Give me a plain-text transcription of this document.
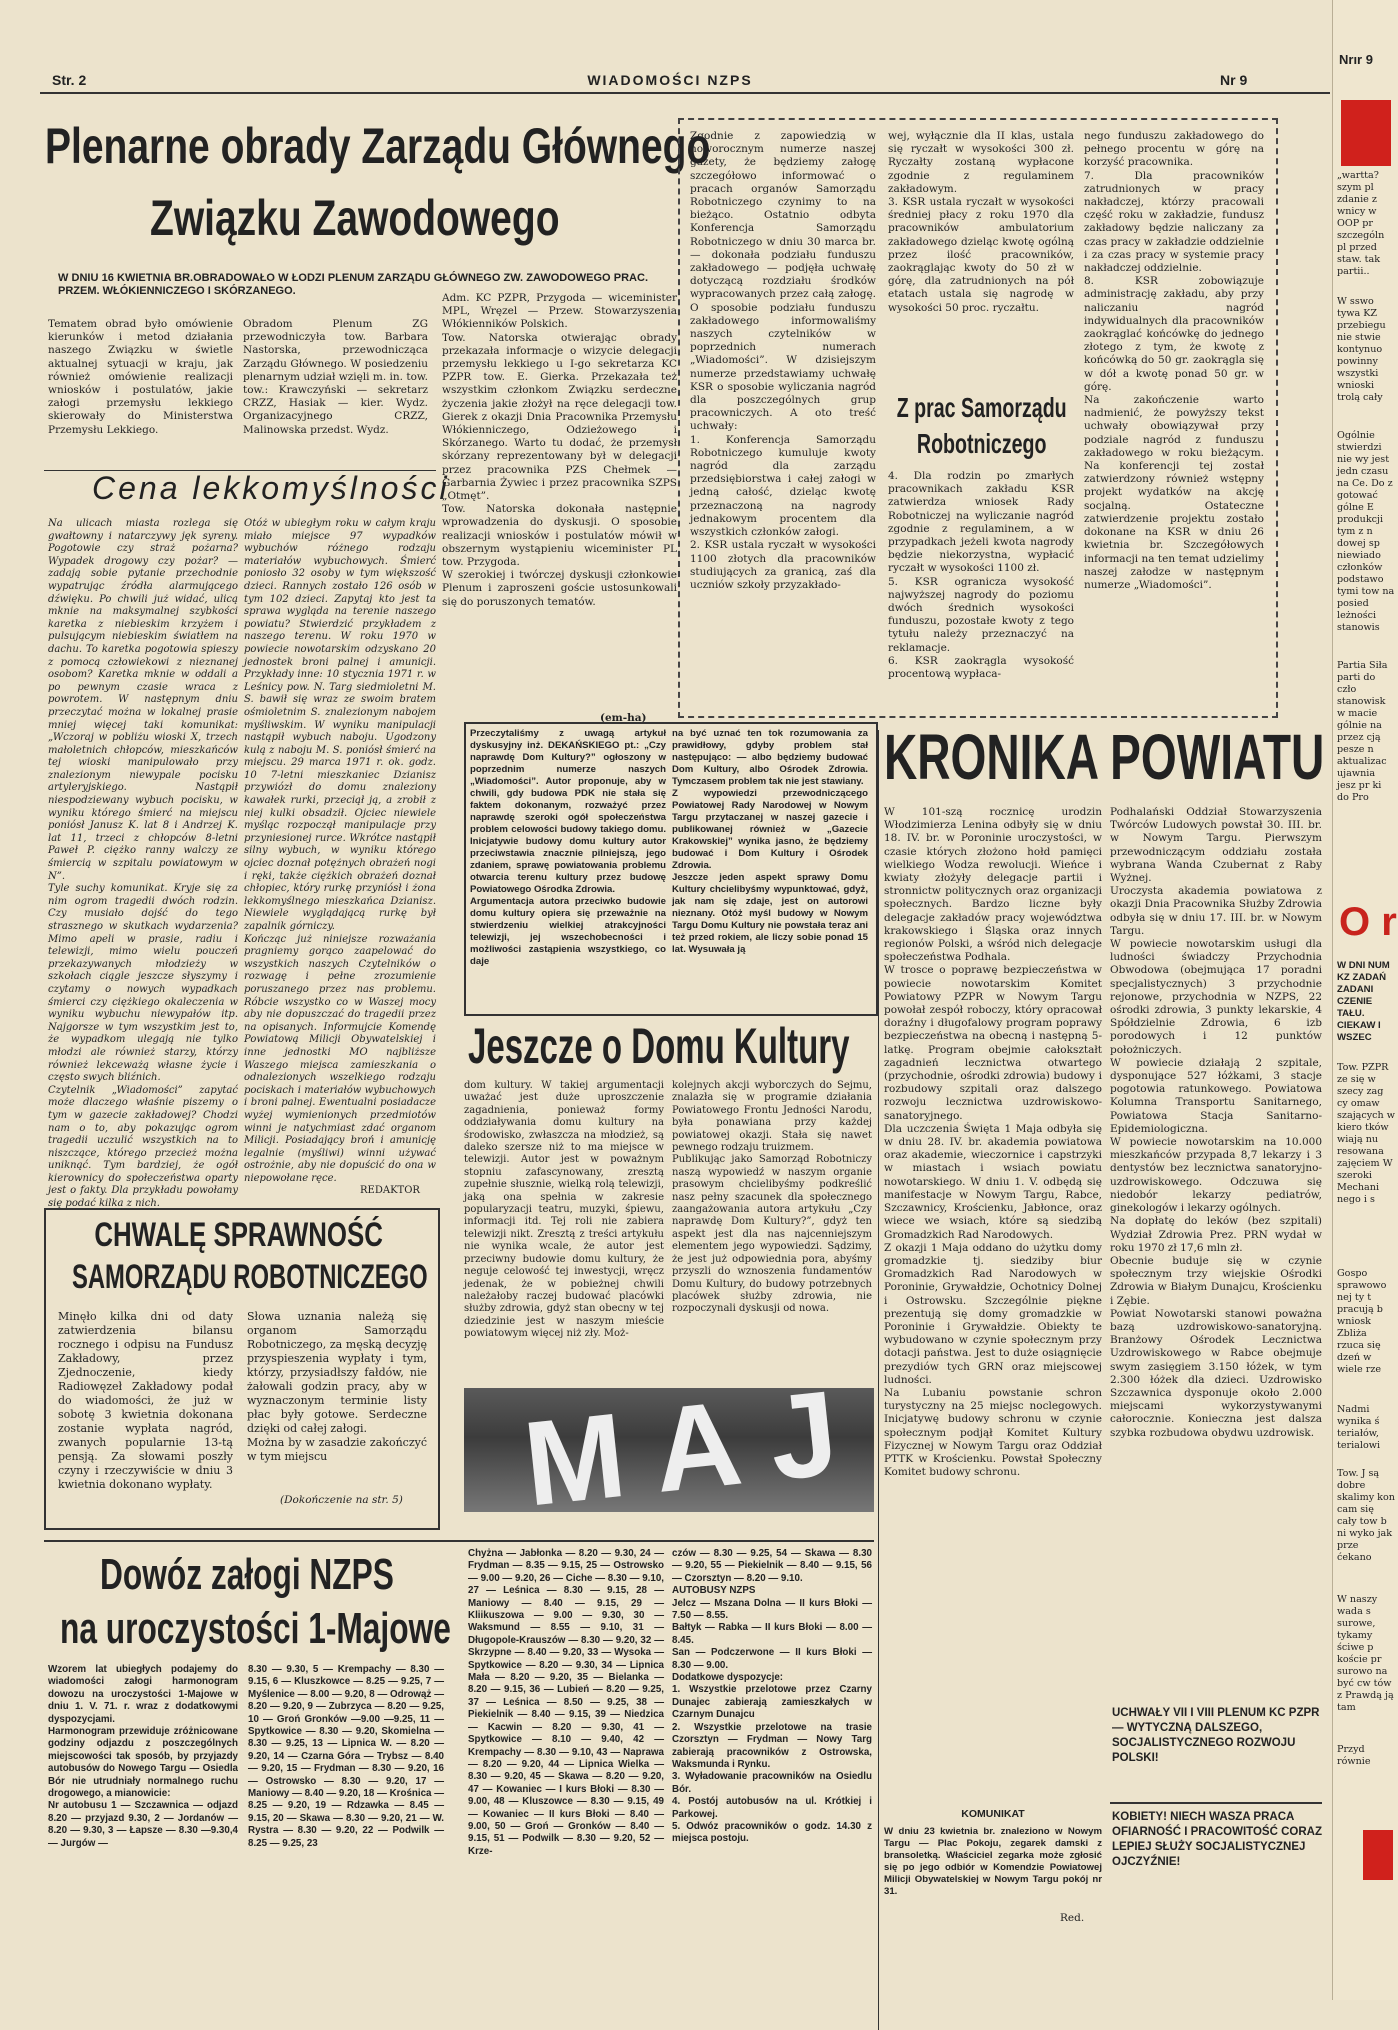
Str. 2	WIADOMOŚCI NZPS	Nr 9
Plenarne obrady Zarządu Głównego
Związku Zawodowego
W DNIU 16 KWIETNIA BR.OBRADOWAŁO W ŁODZI PLENUM ZARZĄDU GŁÓWNEGO ZW. ZAWODOWEGO PRAC. PRZEM. WŁÓKIENNICZEGO I SKÓRZANEGO.
Tematem obrad było omówienie kierunków i metod działania naszego Związku w świetle aktualnej sytuacji w kraju, jak również omówienie realizacji wniosków i postulatów, jakie załogi przemysłu lekkiego skierowały do Ministerstwa Przemysłu Lekkiego.
Obradom Plenum ZG przewodniczyła tow. Barbara Nastorska, przewodnicząca Zarządu Głównego. W posiedzeniu plenarnym udział wzięli m. in. tow. tow.: Krawczyński — sekretarz CRZZ, Hasiak — kier. Wydz. Organizacyjnego CRZZ, Malinowska przedst. Wydz.
Adm. KC PZPR, Przygoda — wiceminister MPL, Wręzel — Przew. Stowarzyszenia Włókienników Polskich.
Tow. Natorska otwierając obrady przekazała informacje o wizycie delegacji przemysłu lekkiego u I-go sekretarza KC PZPR tow. E. Gierka. Przekazała też wszystkim członkom Związku serdeczne życzenia jakie złożył na ręce delegacji tow. Gierek z okazji Dnia Pracownika Przemysłu Włókienniczego, Odzieżowego i Skórzanego. Warto tu dodać, że przemysł skórzany reprezentowany był w delegacji przez pracownika PZS Chełmek — Garbarnia Żywiec i przez pracownika SZPS „Otmęt”.
Tow. Natorska dokonała następnie wprowadzenia do dyskusji. O sposobie realizacji wniosków i postulatów mówił w obszernym wystąpieniu wiceminister PL tow. Przygoda.
W szerokiej i twórczej dyskusji członkowie Plenum i zaproszeni goście ustosunkowali się do poruszonych tematów.
(em-ha)
Cena lekkomyślności
Na ulicach miasta rozlega się gwałtowny i natarczywy jęk syreny. Pogotowie czy straż pożarna? Wypadek drogowy czy pożar? — zadają sobie pytanie przechodnie wypatrując źródła alarmującego dźwięku. Po chwili już widać, ulicą mknie na maksymalnej szybkości karetka z niebieskim krzyżem i pulsującym niebieskim światłem na dachu. To karetka pogotowia spieszy z pomocą człowiekowi z nieznanej osobom? Karetka mknie w oddali a po pewnym czasie wraca z powrotem. W następnym dniu przeczytać można w lokalnej prasie mniej więcej taki komunikat: „Wczoraj w pobliżu wioski X, trzech małoletnich chłopców, mieszkańców tej wioski manipulowało przy znalezionym niewypale pocisku artyleryjskiego. Nastąpił niespodziewany wybuch pocisku, w wyniku którego śmierć na miejscu poniósł Janusz K. lat 8 i Andrzej K. lat 11, trzeci z chłopców 8-letni Paweł P. ciężko ranny walczy ze śmiercią w szpitalu powiatowym w N”.
Tyle suchy komunikat. Kryje się za nim ogrom tragedii dwóch rodzin. Czy musiało dojść do tego strasznego w skutkach wydarzenia? Mimo apeli w prasie, radiu i telewizji, mimo wielu pouczeń przekazywanych młodzieży w szkołach ciągle jeszcze słyszymy i czytamy o nowych wypadkach śmierci czy ciężkiego okaleczenia w wyniku wybuchu niewypałów itp. Najgorsze w tym wszystkim jest to, że wypadkom ulegają nie tylko młodzi ale również starzy, którzy również lekceważą własne życie i często swych bliźnich.
Czytelnik „Wiadomości” zapytać może dlaczego właśnie piszemy o tym w gazecie zakładowej? Chodzi nam o to, aby pokazując ogrom tragedii uczulić wszystkich na to niszczące, którego przecież można uniknąć. Tym bardziej, że ogół kierownicy do społeczeństwa oparty jest o fakty. Dla przykładu powołamy się podać kilka z nich.
Otóż w ubiegłym roku w całym kraju miało miejsce 97 wypadków wybuchów różnego rodzaju materiałów wybuchowych. Śmierć poniosło 32 osoby w tym większość dzieci. Rannych zostało 126 osób w tym 102 dzieci. Zapytaj kto jest ta sprawa wygląda na terenie naszego powiatu? Stwierdzić przykładem z naszego terenu. W roku 1970 w powiecie nowotarskim odzyskano 20 jednostek broni palnej i amunicji. Przykłady inne: 10 stycznia 1971 r. w Leśnicy pow. N. Targ siedmioletni M. S. bawił się wraz ze swoim bratem ośmioletnim S. znalezionym nabojem myśliwskim. W wyniku manipulacji nastąpił wybuch naboju. Ugodzony kulą z naboju M. S. poniósł śmierć na miejscu. 29 marca 1971 r. ok. godz. 10 7-letni mieszkaniec Dzianisz przywiózł do domu znaleziony kawałek rurki, przeciął ją, a zrobił z niej kulki obsadził. Ojciec niewiele myśląc rozpoczął manipulacje przy przyniesionej rurce. Wkrótce nastąpił silny wybuch, w wyniku którego ojciec doznał potężnych obrażeń nogi i ręki, także ciężkich obrażeń doznał chłopiec, który rurkę przyniósł i żona lekkomyślnego mieszkańca Dzianisz. Niewiele wyglądającą rurkę był zapalnik górniczy.
Kończąc już niniejsze rozważania pragniemy gorąco zaapelować do wszystkich naszych Czytelników o rozwagę i pełne zrozumienie poruszanego przez nas problemu. Róbcie wszystko co w Waszej mocy aby nie dopuszczać do tragedii przez na opisanych. Informujcie Komendę Powiatową Milicji Obywatelskiej i inne jednostki MO najbliższe Waszego miejsca zamieszkania o odnalezionych wszelkiego rodzaju pociskach i materiałów wybuchowych i broni palnej. Ewentualni posiadacze wyżej wymienionych przedmiotów winni je natychmiast zdać organom Milicji. Posiadający broń i amunicję legalnie (myśliwi) winni używać ostrożnie, aby nie dopuścić do ona w niepowołane ręce.
REDAKTOR
CHWALĘ SPRAWNOŚĆ
SAMORZĄDU ROBOTNICZEGO
Minęło kilka dni od daty zatwierdzenia bilansu rocznego i odpisu na Fundusz Zakładowy, przez Zjednoczenie, kiedy Radiowęzeł Zakładowy podał do wiadomości, że już w sobotę 3 kwietnia dokonana zostanie wypłata nagród, zwanych popularnie 13-tą pensją. Za słowami poszły czyny i rzeczywiście w dniu 3 kwietnia dokonano wypłaty.
Słowa uznania należą się organom Samorządu Robotniczego, za męską decyzję przyspieszenia wypłaty i tym, którzy, przysiadłszy fałdów, nie żałowali godzin pracy, aby w wyznaczonym terminie listy płac były gotowe. Serdeczne dzięki od całej załogi.
Można by w zasadzie zakończyć w tym miejscu
(Dokończenie na str. 5)
Zgodnie z zapowiedzią w noworocznym numerze naszej gazety, że będziemy załogę szczegółowo informować o pracach organów Samorządu Robotniczego czynimy to na bieżąco. Ostatnio odbyta Konferencja Samorządu Robotniczego w dniu 30 marca br. — dokonała podziału funduszu zakładowego — podjęła uchwałę dotyczącą rozdziału środków wypracowanych przez całą załogę. O sposobie podziału funduszu zakładowego informowaliśmy naszych czytelników w poprzednich numerach „Wiadomości”. W dzisiejszym numerze przedstawiamy uchwałę KSR o sposobie wyliczania nagród dla poszczególnych grup pracowniczych. A oto treść uchwały:
1. Konferencja Samorządu Robotniczego kumuluje kwoty nagród dla zarządu przedsiębiorstwa i całej załogi w jedną całość, dzieląc kwotę przeznaczoną na nagrody jednakowym procentem dla wszystkich członków załogi.
2. KSR ustala ryczałt w wysokości 1100 złotych dla pracowników studiujących za granicą, zaś dla uczniów szkoły przyzakłado-
wej, wyłącznie dla II klas, ustala się ryczałt w wysokości 300 zł. Ryczałty zostaną wypłacone zgodnie z regulaminem zakładowym.
3. KSR ustala ryczałt w wysokości średniej płacy z roku 1970 dla pracowników ambulatorium zakładowego dzieląc kwotę ogólną przez ilość pracowników, zaokrąglając kwoty do 50 zł w górę, dla zatrudnionych na pół etatach ustala się nagrodę w wysokości 50 proc. ryczałtu.
Z prac Samorządu
Robotniczego
4. Dla rodzin po zmarłych pracownikach zakładu KSR zatwierdza wniosek Rady Robotniczej na wyliczanie nagród zgodnie z regulaminem, a w przypadkach jeżeli kwota nagrody będzie niekorzystna, wypłacić ryczałt w wysokości 1100 zł.
5. KSR ogranicza wysokość najwyższej nagrody do poziomu dwóch średnich wysokości funduszu, pozostałe kwoty z tego tytułu należy przeznaczyć na reklamacje.
6. KSR zaokrągla wysokość procentową wypłaca-
nego funduszu zakładowego do pełnego procentu w górę na korzyść pracownika.
7. Dla pracowników zatrudnionych w pracy nakładczej, którzy pracowali część roku w zakładzie, fundusz zakładowy będzie naliczany za czas pracy w zakładzie oddzielnie i za czas pracy w systemie pracy nakładczej oddzielnie.
8. KSR zobowiązuje administrację zakładu, aby przy naliczaniu nagród indywidualnych dla pracowników zaokrąglać końcówkę do jednego złotego z tym, że kwotę z końcówką do 50 gr. zaokrągla się w dół a kwotę ponad 50 gr. w górę.
Na zakończenie warto nadmienić, że powyższy tekst uchwały obowiązywał przy podziale nagród z funduszu zakładowego w roku bieżącym. Na konferencji tej został zatwierdzony również wstępny projekt wydatków na akcję socjalną. Ostateczne zatwierdzenie projektu zostało dokonane na KSR w dniu 26 kwietnia br. Szczegółowych informacji na ten temat udzielimy naszej załodze w następnym numerze „Wiadomości”.
Przeczytaliśmy z uwagą artykuł dyskusyjny inż. DEKAŃSKIEGO pt.: „Czy naprawdę Dom Kultury?” ogłoszony w poprzednim numerze naszych „Wiadomości”. Autor proponuje, aby w chwili, gdy budowa PDK nie stała się faktem dokonanym, rozważyć przez naprawdę szeroki ogół społeczeństwa problem celowości budowy takiego domu. Inicjatywie budowy domu kultury autor przeciwstawia znacznie pilniejszą, jego zdaniem, sprawę powiatowania problemu otwarcia terenu kultury przez budowę Powiatowego Ośrodka Zdrowia.
Argumentacja autora przeciwko budowie domu kultury opiera się przeważnie na stwierdzeniu wielkiej atrakcyjności telewizji, jej wszechobecności i możliwości zastąpienia wszystkiego, co daje
na być uznać ten tok rozumowania za prawidłowy, gdyby problem stał następująco: — albo będziemy budować Dom Kultury, albo Ośrodek Zdrowia. Tymczasem problem tak nie jest stawiany.
Z wypowiedzi przewodniczącego Powiatowej Rady Narodowej w Nowym Targu przytaczanej w naszej gazecie i publikowanej również w „Gazecie Krakowskiej” wynika jasno, że będziemy budować i Dom Kultury i Ośrodek Zdrowia.
Jeszcze jeden aspekt sprawy Domu Kultury chcielibyśmy wypunktować, gdyż, jak nam się zdaje, jest on autorowi nieznany. Otóż myśl budowy w Nowym Targu Domu Kultury nie powstała teraz ani też przed rokiem, ale liczy sobie ponad 15 lat. Wysuwała ją
Jeszcze o Domu Kultury
dom kultury. W takiej argumentacji uważać jest duże uproszczenie zagadnienia, ponieważ formy oddziaływania domu kultury na środowisko, zwłaszcza na młodzież, są daleko szersze niż to ma miejsce w telewizji. Autor jest w poważnym stopniu zafascynowany, zresztą zupełnie słusznie, wielką rolą telewizji, jaką ona spełnia w zakresie popularyzacji teatru, muzyki, śpiewu, informacji itd. Tej roli nie zabiera telewizji nikt. Zresztą z treści artykułu nie wynika wcale, że autor jest przeciwny budowie domu kultury, że neguje celowość tej inwestycji, wręcz jedenak, że w pobieżnej chwili należałoby raczej budować placówki służby zdrowia, gdyż stan obecny w tej dziedzinie jest w naszym mieście powiatowym więcej niż zły. Moż-
kolejnych akcji wyborczych do Sejmu, znalazła się w programie działania Powiatowego Frontu Jedności Narodu, była ponawiana przy każdej powiatowej okazji. Stała się nawet pewnego rodzaju truizmem.
Publikując jako Samorząd Robotniczy naszą wypowiedź w naszym organie prasowym chcielibyśmy podkreślić nasz pełny szacunek dla społecznego zaangażowania autora artykułu „Czy naprawdę Dom Kultury?”, gdyż ten aspekt jest dla nas najcenniejszym elementem jego wypowiedzi. Sądzimy, że jest już odpowiednia pora, abyśmy przyszli do wznoszenia fundamentów Domu Kultury, do budowy potrzebnych placówek służby zdrowia, nie rozpoczynali dyskusji od nowa.
MAJ
KRONIKA POWIATU
W 101-szą rocznicę urodzin Włodzimierza Lenina odbyły się w dniu 18. IV. br. w Poroninie uroczystości, w czasie których złożono hołd pamięci wielkiego Wodza rewolucji. Wieńce i kwiaty złożyły delegacje partii i stronnictw politycznych oraz organizacji społecznych. Bardzo liczne były delegacje zakładów pracy województwa krakowskiego i Śląska oraz innych regionów Polski, a wśród nich delegacje społeczeństwa Podhala.
W trosce o poprawę bezpieczeństwa w powiecie nowotarskim Komitet Powiatowy PZPR w Nowym Targu powołał zespół roboczy, który opracował doraźny i długofalowy program poprawy bezpieczeństwa na obecną i następną 5-latkę. Program obejmie całokształt zagadnień lecznictwa otwartego (przychodnie, ośrodki zdrowia) budowy i rozbudowy szpitali oraz dalszego rozwoju lecznictwa uzdrowiskowo-sanatoryjnego.
Dla uczczenia Święta 1 Maja odbyła się w dniu 28. IV. br. akademia powiatowa oraz akademie, wieczornice i capstrzyki w miastach i wsiach powiatu nowotarskiego. W dniu 1. V. odbędą się manifestacje w Nowym Targu, Rabce, Szczawnicy, Krościenku, Jabłonce, oraz wiece we wsiach, które są siedzibą Gromadzkich Rad Narodowych.
Z okazji 1 Maja oddano do użytku domy gromadzkie tj. siedziby biur Gromadzkich Rad Narodowych w Poroninie, Grywałdzie, Ochotnicy Dolnej i Ostrowsku. Szczególnie piękne prezentują się domy gromadzkie w Poroninie i Grywałdzie. Obiekty te wybudowano w czynie społecznym przy dotacji państwa. Jest to duże osiągnięcie prezydiów tych GRN oraz miejscowej ludności.
Na Lubaniu powstanie schron turystyczny na 25 miejsc noclegowych. Inicjatywę budowy schronu w czynie społecznym podjął Komitet Kultury Fizycznej w Nowym Targu oraz Oddział PTTK w Krościenku. Powstał Społeczny Komitet budowy schronu.
KOMUNIKAT
W dniu 23 kwietnia br. znaleziono w Nowym Targu — Plac Pokoju, zegarek damski z bransoletką. Właściciel zegarka może zgłosić się po jego odbiór w Komendzie Powiatowej Milicji Obywatelskiej w Nowym Targu pokój nr 31.
Red.
Podhalański Oddział Stowarzyszenia Twórców Ludowych powstał 30. III. br. w Nowym Targu. Pierwszym przewodniczącym oddziału została wybrana Wanda Czubernat z Raby Wyżnej.
Uroczysta akademia powiatowa z okazji Dnia Pracownika Służby Zdrowia odbyła się w dniu 17. III. br. w Nowym Targu.
W powiecie nowotarskim usługi dla ludności świadczy Przychodnia Obwodowa (obejmująca 17 poradni specjalistycznych) 3 przychodnie rejonowe, przychodnia w NZPS, 22 ośrodki zdrowia, 3 punkty lekarskie, 4 Spółdzielnie Zdrowia, 6 izb porodowych i 12 punktów położniczych.
W powiecie działają 2 szpitale, dysponujące 527 łóżkami, 3 stacje pogotowia ratunkowego. Powiatowa Kolumna Transportu Sanitarnego, Powiatowa Stacja Sanitarno-Epidemiologiczna.
W powiecie nowotarskim na 10.000 mieszkańców przypada 8,7 lekarzy i 3 dentystów bez lecznictwa sanatoryjno-uzdrowiskowego. Odczuwa się niedobór lekarzy pediatrów, ginekologów i lekarzy ogólnych.
Na dopłatę do leków (bez szpitali) Wydział Zdrowia Prez. PRN wydał w roku 1970 zł 17,6 mln zł.
Obecnie buduje się w czynie społecznym trzy wiejskie Ośrodki Zdrowia w Białym Dunajcu, Krościenku i Zębie.
Powiat Nowotarski stanowi poważna bazą uzdrowiskowo-sanatoryjną. Branżowy Ośrodek Lecznictwa Uzdrowiskowego w Rabce obejmuje swym zasięgiem 3.150 łóżek, w tym 2.300 łóżek dla dzieci. Uzdrowisko Szczawnica dysponuje około 2.000 miejscami wykorzystywanymi całorocznie. Konieczna jest dalsza szybka rozbudowa obydwu uzdrowisk.
UCHWAŁY VII I VIII PLENUM KC PZPR — WYTYCZNĄ DALSZEGO, SOCJALISTYCZNEGO ROZWOJU POLSKI!
KOBIETY! NIECH WASZA PRACA OFIARNOŚĆ I PRACOWITOŚĆ CORAZ LEPIEJ SŁUŻY SOCJALISTYCZNEJ OJCZYŹNIE!
Dowóz załogi NZPS
na uroczystości 1-Majowe
Wzorem lat ubiegłych podajemy do wiadomości załogi harmonogram dowozu na uroczystości 1-Majowe w dniu 1. V. 71. r. wraz z dodatkowymi dyspozycjami.
Harmonogram przewiduje zróżnicowane godziny odjazdu z poszczególnych miejscowości tak sposób, by przyjazdy autobusów do Nowego Targu — Osiedla Bór nie utrudniały normalnego ruchu drogowego, a mianowicie:
Nr autobusu 1 — Szczawnica — odjazd 8.20 — przyjazd 9.30, 2 — Jordanów — 8.20 — 9.30, 3 — Łapsze — 8.30 —9.30,4 — Jurgów —
8.30 — 9.30, 5 — Krempachy — 8.30 — 9.15, 6 — Kluszkowce — 8.25 — 9.25, 7 — Myślenice — 8.00 — 9.20, 8 — Odrowąż — 8.20 — 9.20, 9 — Zubrzyca — 8.20 — 9.25, 10 — Groń Gronków —9.00 —9.25, 11 — Spytkowice — 8.30 — 9.20, Skomielna — 8.30 — 9.25, 13 — Lipnica W. — 8.20 — 9.20, 14 — Czarna Góra — Trybsz — 8.40 — 9.20, 15 — Frydman — 8.30 — 9.20, 16 — Ostrowsko — 8.30 — 9.20, 17 — Maniowy — 8.40 — 9.20, 18 — Krośnica — 8.25 — 9.20, 19 — Rdzawka — 8.45 — 9.15, 20 — Skawa — 8.30 — 9.20, 21 — W. Rystra — 8.30 — 9.20, 22 — Podwilk — 8.25 — 9.25, 23
Chyżna — Jabłonka — 8.20 — 9.30, 24 — Frydman — 8.35 — 9.15, 25 — Ostrowsko — 9.00 — 9.20, 26 — Ciche — 8.30 — 9.10, 27 — Leśnica — 8.30 — 9.15, 28 — Maniowy — 8.40 — 9.15, 29 — Kliikuszowa — 9.00 — 9.30, 30 — Waksmund — 8.55 — 9.10, 31 — Długopole-Krauszów — 8.30 — 9.20, 32 — Skrzypne — 8.40 — 9.20, 33 — Wysoka — Spytkowice — 8.20 — 9.30, 34 — Lipnica Mała — 8.20 — 9.20, 35 — Bielanka — 8.20 — 9.15, 36 — Lubień — 8.20 — 9.25, 37 — Leśnica — 8.50 — 9.25, 38 — Piekielnik — 8.40 — 9.15, 39 — Niedzica — Kacwin — 8.20 — 9.30, 41 — Spytkowice — 8.10 — 9.40, 42 — Krempachy — 8.30 — 9.10, 43 — Naprawa — 8.20 — 9.20, 44 — Lipnica Wielka — 8.30 — 9.20, 45 — Skawa — 8.20 — 9.20, 47 — Kowaniec — I kurs Błoki — 8.30 — 9.00, 48 — Kluszowce — 8.30 — 9.15, 49 — Kowaniec — II kurs Błoki — 8.40 — 9.00, 50 — Groń — Gronków — 8.40 — 9.15, 51 — Podwilk — 8.30 — 9.20, 52 — Krze-
czów — 8.30 — 9.25, 54 — Skawa — 8.30 — 9.20, 55 — Piekielnik — 8.40 — 9.15, 56 — Czorsztyn — 8.20 — 9.10.
AUTOBUSY NZPS
Jelcz — Mszana Dolna — II kurs Błoki — 7.50 — 8.55.
Bałtyk — Rabka — II kurs Błoki — 8.00 — 8.45.
San — Podczerwone — II kurs Błoki — 8.30 — 9.00.
Dodatkowe dyspozycje:
1. Wszystkie przelotowe przez Czarny Dunajec zabierają zamieszkałych w Czarnym Dunajcu
2. Wszystkie przelotowe na trasie Czorsztyn — Frydman — Nowy Targ zabierają pracowników z Ostrowska, Waksmunda i Rynku.
3. Wyładowanie pracowników na Osiedlu Bór.
4. Postój autobusów na ul. Krótkiej i Parkowej.
5. Odwóz pracowników o godz. 14.30 z miejsca postoju.
Nrır 9
„wartta? szym pl zdanie z wnicy w OOP pr szczególn pl przed staw. tak partii..
W sswo tywa KZ przebiegu nie stwie kontynuo powinny wszystki wnioski trolą cały
Ogólnie stwierdzi nie wy jest jedn czasu na Ce. Do z gotować gólne E produkcji tym z n dowej sp niewiado członków podstawo tymi tow na posied leżności stanowis
Partia Siła parti do czło stanowisk w macie gólnie na przez cją pesze n aktualizac ujawnia jesz pr ki do Pro
O r
W DNI NUM KZ ZADAŃ ZADANI CZENIE TAŁU. CIEKAW I WSZEC
Tow. PZPR ze się w szecy zag cy omaw szających w kiero tków wiają nu resowana zajęciem W szeroki Mechani nego i s
Gospo sprawowo nej ty t pracują b wniosk Zbliża rzuca się dzeń w wiele rze
Nadmi wynika ś teriałów, terialowi
Tow. J są dobre skalimy kon cam się cały tow b ni wyko jak prze ćekano
W naszy wada s surowe, tykamy ściwe p koście pr surowo na być cw tów z Prawdą ją tam
Przyd równie
